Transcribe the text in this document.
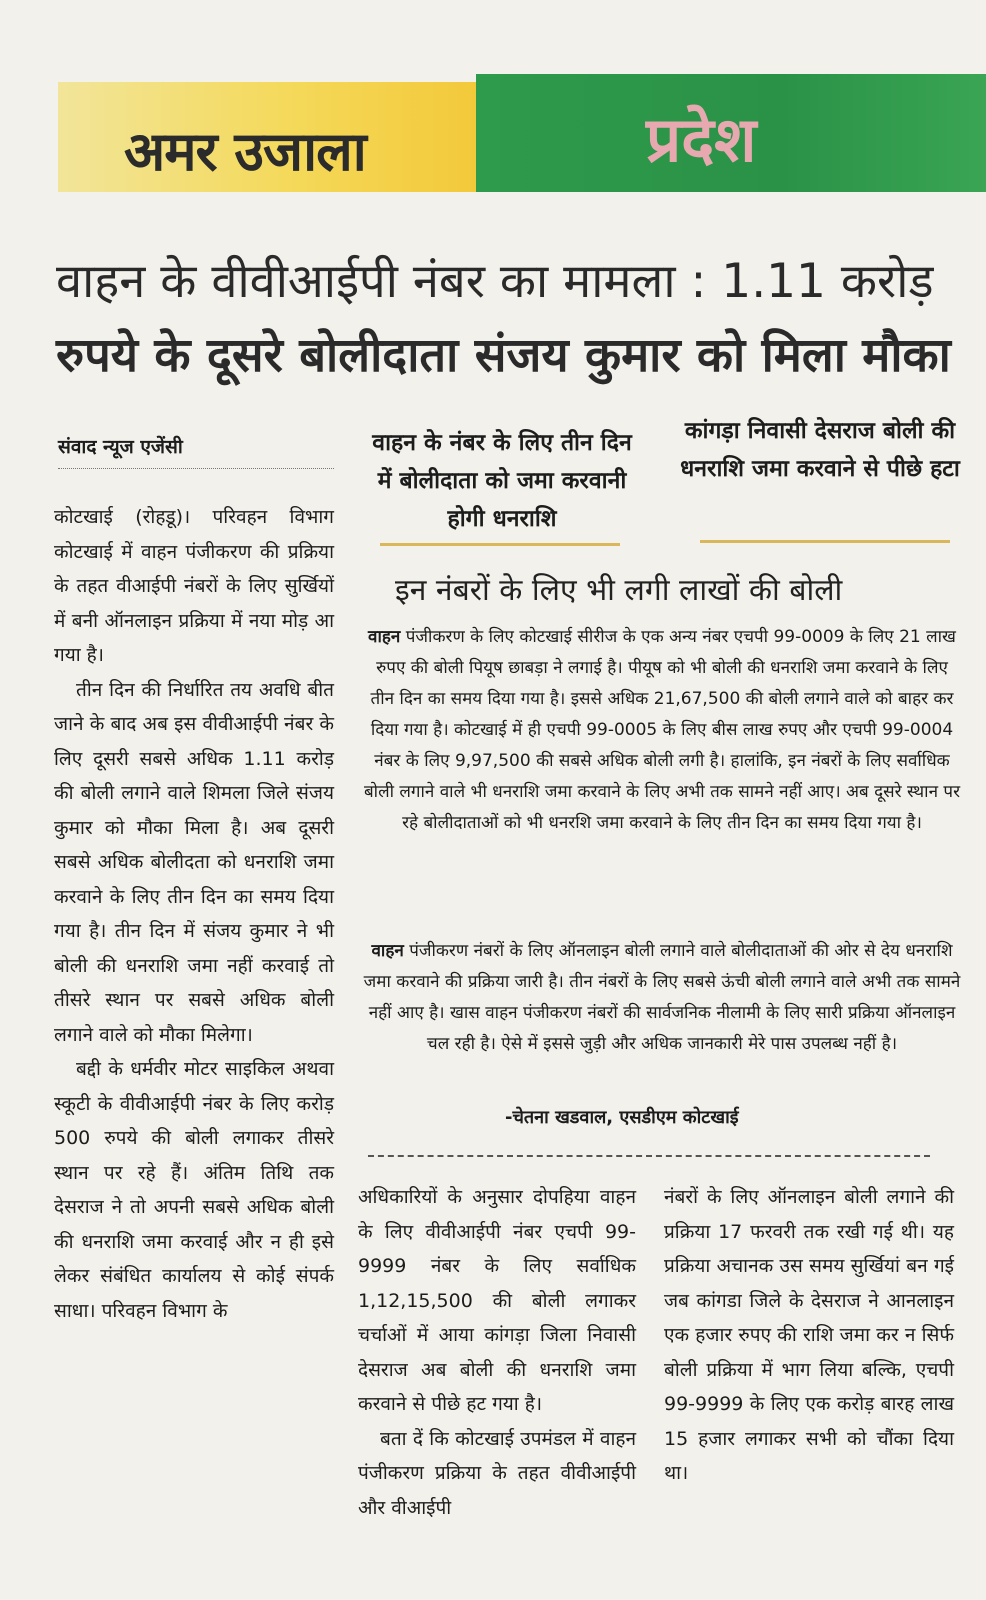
अमर उजाला	प्रदेश
वाहन के वीवीआईपी नंबर का मामला : 1.11 करोड़
रुपये के दूसरे बोलीदाता संजय कुमार को मिला मौका
संवाद न्यूज एजेंसी

कोटखाई (रोहडू)। परिवहन विभाग कोटखाई में वाहन पंजीकरण की प्रक्रिया के तहत वीआईपी नंबरों के लिए सुर्खियों में बनी ऑनलाइन प्रक्रिया में नया मोड़ आ गया है।

तीन दिन की निर्धारित तय अवधि बीत जाने के बाद अब इस वीवीआईपी नंबर के लिए दूसरी सबसे अधिक 1.11 करोड़ की बोली लगाने वाले शिमला जिले संजय कुमार को मौका मिला है। अब दूसरी सबसे अधिक बोलीदता को धनराशि जमा करवाने के लिए तीन दिन का समय दिया गया है। तीन दिन में संजय कुमार ने भी बोली की धनराशि जमा नहीं करवाई तो तीसरे स्थान पर सबसे अधिक बोली लगाने वाले को मौका मिलेगा।

बद्दी के धर्मवीर मोटर साइकिल अथवा स्कूटी के वीवीआईपी नंबर के लिए करोड़ 500 रुपये की बोली लगाकर तीसरे स्थान पर रहे हैं। अंतिम तिथि तक देसराज ने तो अपनी सबसे अधिक बोली की धनराशि जमा करवाई और न ही इसे लेकर संबंधित कार्यालय से कोई संपर्क साधा। परिवहन विभाग के

वाहन के नंबर के लिए तीन दिन में बोलीदाता को जमा करवानी होगी धनराशि
कांगड़ा निवासी देसराज बोली की धनराशि जमा करवाने से पीछे हटा
इन नंबरों के लिए भी लगी लाखों की बोली
वाहन पंजीकरण के लिए कोटखाई सीरीज के एक अन्य नंबर एचपी 99-0009 के लिए 21 लाख रुपए की बोली पियूष छाबड़ा ने लगाई है। पीयूष को भी बोली की धनराशि जमा करवाने के लिए तीन दिन का समय दिया गया है। इससे अधिक 21,67,500 की बोली लगाने वाले को बाहर कर दिया गया है। कोटखाई में ही एचपी 99-0005 के लिए बीस लाख रुपए और एचपी 99-0004 नंबर के लिए 9,97,500 की सबसे अधिक बोली लगी है। हालांकि, इन नंबरों के लिए सर्वाधिक बोली लगाने वाले भी धनराशि जमा करवाने के लिए अभी तक सामने नहीं आए। अब दूसरे स्थान पर रहे बोलीदाताओं को भी धनरशि जमा करवाने के लिए तीन दिन का समय दिया गया है।
वाहन पंजीकरण नंबरों के लिए ऑनलाइन बोली लगाने वाले बोलीदाताओं की ओर से देय धनराशि जमा करवाने की प्रक्रिया जारी है। तीन नंबरों के लिए सबसे ऊंची बोली लगाने वाले अभी तक सामने नहीं आए है। खास वाहन पंजीकरण नंबरों की सार्वजनिक नीलामी के लिए सारी प्रक्रिया ऑनलाइन चल रही है। ऐसे में इससे जुड़ी और अधिक जानकारी मेरे पास उपलब्ध नहीं है।
-चेतना खडवाल, एसडीएम कोटखाई

अधिकारियों के अनुसार दोपहिया वाहन के लिए वीवीआईपी नंबर एचपी 99-9999 नंबर के लिए सर्वाधिक 1,12,15,500 की बोली लगाकर चर्चाओं में आया कांगड़ा जिला निवासी देसराज अब बोली की धनराशि जमा करवाने से पीछे हट गया है।

बता दें कि कोटखाई उपमंडल में वाहन पंजीकरण प्रक्रिया के तहत वीवीआईपी और वीआईपी

नंबरों के लिए ऑनलाइन बोली लगाने की प्रक्रिया 17 फरवरी तक रखी गई थी। यह प्रक्रिया अचानक उस समय सुर्खियां बन गई जब कांगडा जिले के देसराज ने आनलाइन एक हजार रुपए की राशि जमा कर न सिर्फ बोली प्रक्रिया में भाग लिया बल्कि, एचपी 99-9999 के लिए एक करोड़ बारह लाख 15 हजार लगाकर सभी को चौंका दिया था।
